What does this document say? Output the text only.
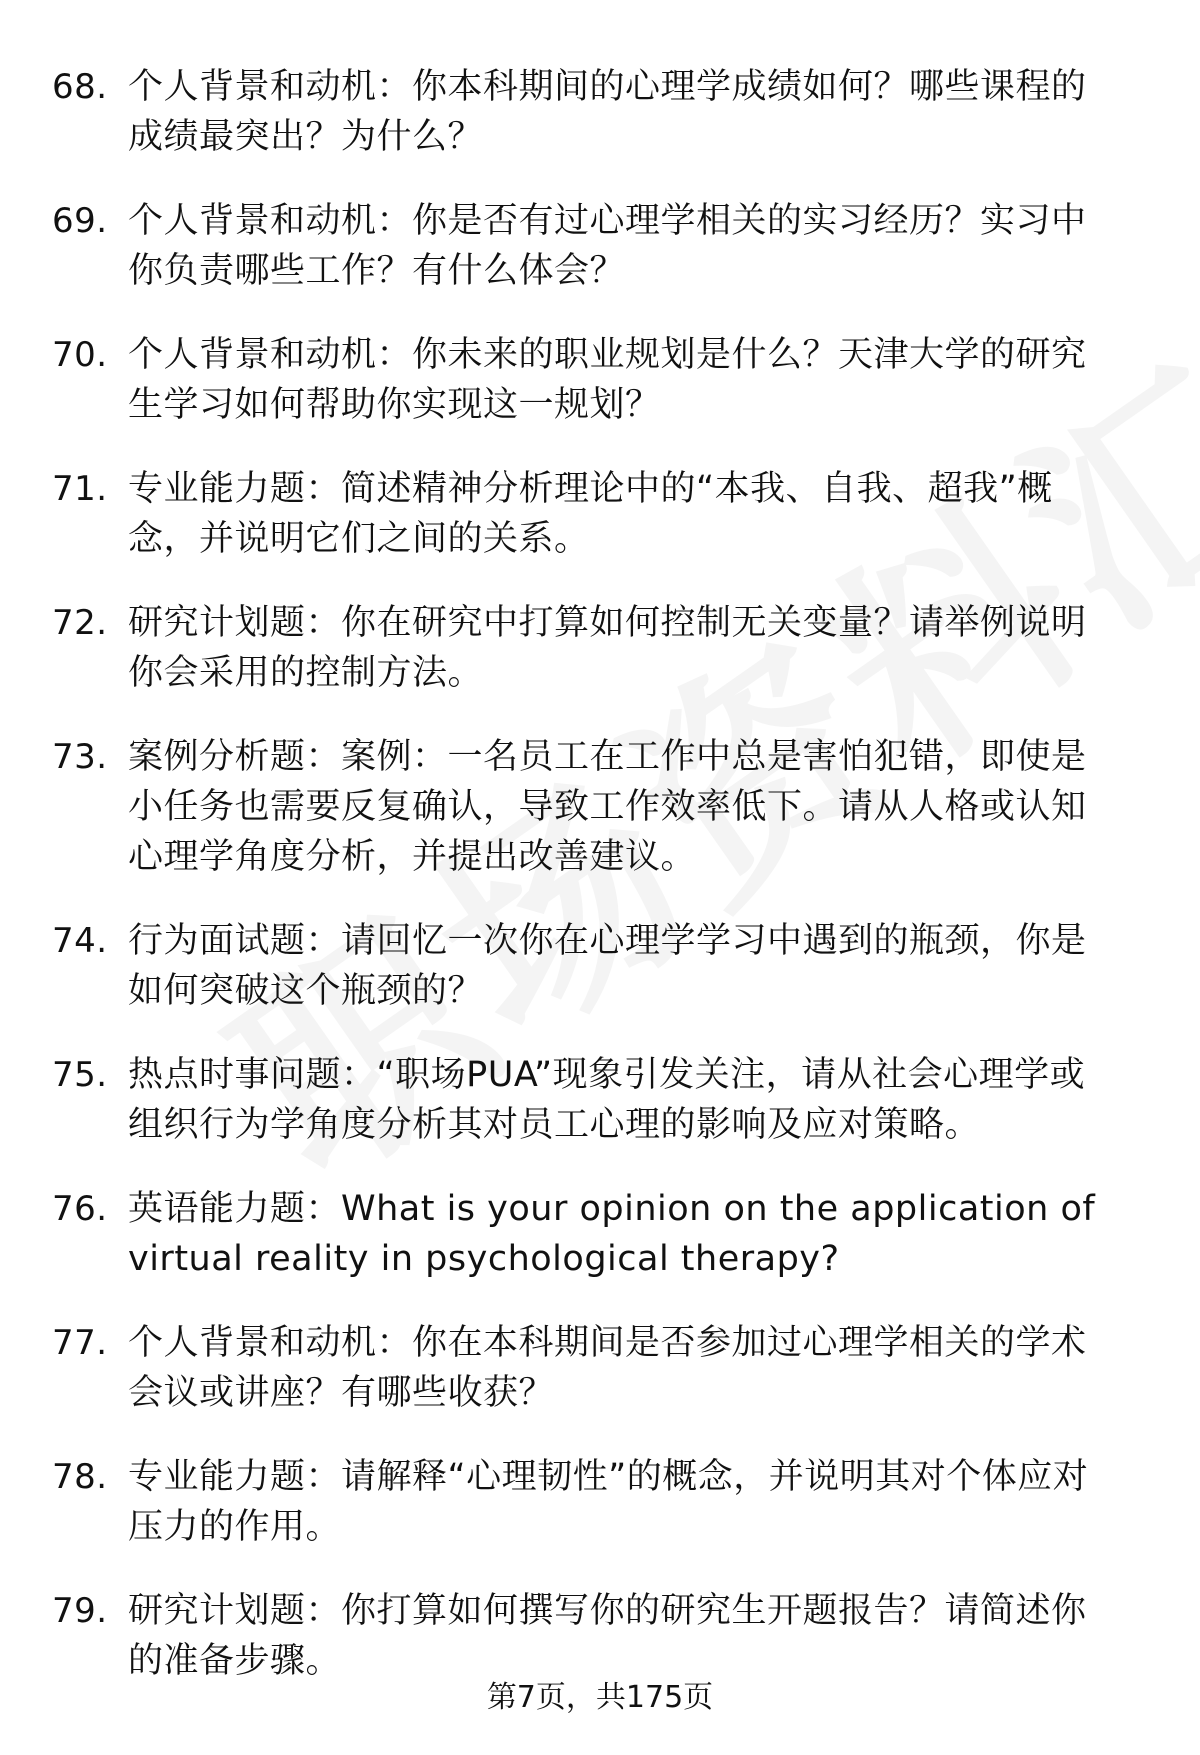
68. 个人背景和动机：你本科期间的心理学成绩如何？哪些课程的成绩最突出？为什么？
69. 个人背景和动机：你是否有过心理学相关的实习经历？实习中你负责哪些工作？有什么体会？
70. 个人背景和动机：你未来的职业规划是什么？天津大学的研究生学习如何帮助你实现这一规划？
71. 专业能力题：简述精神分析理论中的“本我、自我、超我”概念，并说明它们之间的关系。
72. 研究计划题：你在研究中打算如何控制无关变量？请举例说明你会采用的控制方法。
73. 案例分析题：案例：一名员工在工作中总是害怕犯错，即使是小任务也需要反复确认，导致工作效率低下。请从人格或认知心理学角度分析，并提出改善建议。
74. 行为面试题：请回忆一次你在心理学学习中遇到的瓶颈，你是如何突破这个瓶颈的？
75. 热点时事问题：“职场PUA”现象引发关注，请从社会心理学或组织行为学角度分析其对员工心理的影响及应对策略。
76. 英语能力题：What is your opinion on the application of virtual reality in psychological therapy?
77. 个人背景和动机：你在本科期间是否参加过心理学相关的学术会议或讲座？有哪些收获？
78. 专业能力题：请解释“心理韧性”的概念，并说明其对个体应对压力的作用。
79. 研究计划题：你打算如何撰写你的研究生开题报告？请简述你的准备步骤。
第7页，共175页
